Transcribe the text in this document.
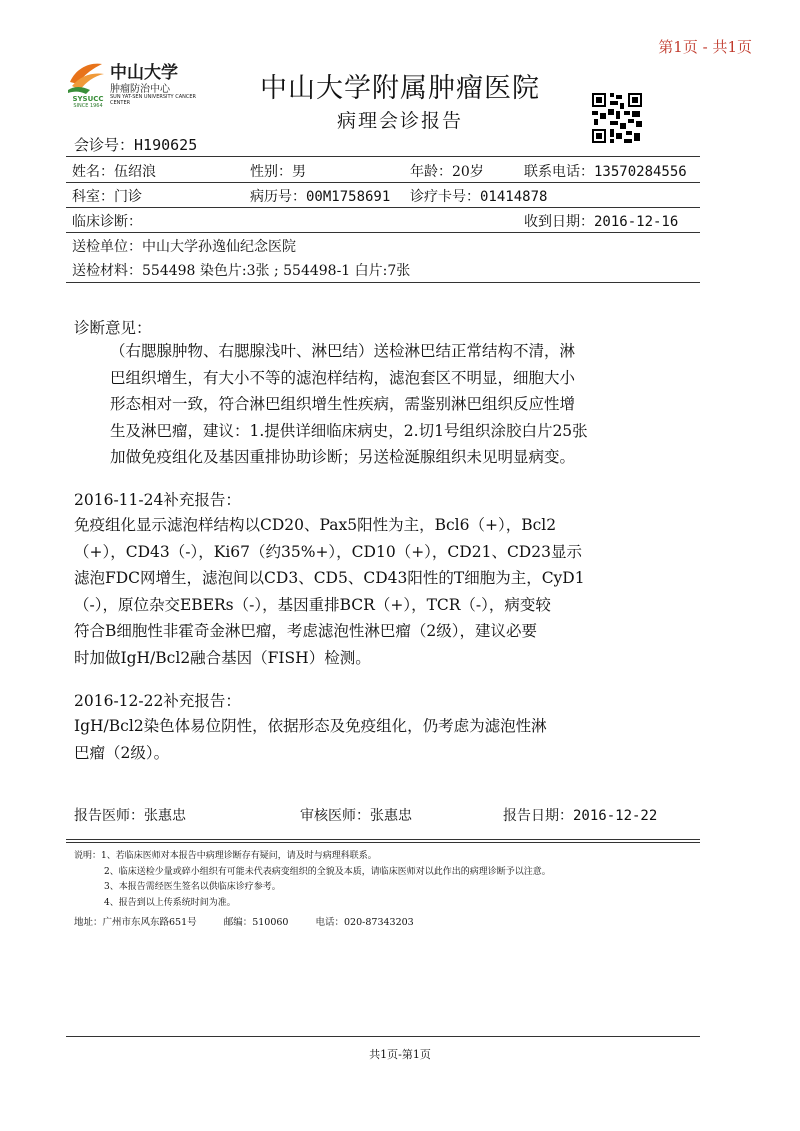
第1页 - 共1页
SYSUCC
SINCE 1964
中山大学
肿瘤防治中心
SUN YAT-SEN UNIVERSITY CANCER CENTER	中山大学附属肿瘤医院
病理会诊报告
会诊号：H190625
姓名：伍绍浪	性别：男	年龄：20岁	联系电话：13570284556
科室：门诊	病历号：00M1758691 诊疗卡号：01414878
临床诊断：	收到日期：2016-12-16
送检单位：中山大学孙逸仙纪念医院
送检材料：554498 染色片:3张 ; 554498-1 白片:7张
诊断意见：
（右腮腺肿物、右腮腺浅叶、淋巴结）送检淋巴结正常结构不清，淋
巴组织增生，有大小不等的滤泡样结构，滤泡套区不明显，细胞大小
形态相对一致，符合淋巴组织增生性疾病，需鉴别淋巴组织反应性增
生及淋巴瘤，建议：1.提供详细临床病史，2.切1号组织涂胶白片25张
加做免疫组化及基因重排协助诊断；另送检涎腺组织未见明显病变。
2016-11-24补充报告：
免疫组化显示滤泡样结构以CD20、Pax5阳性为主，Bcl6（+），Bcl2
（+），CD43（-），Ki67（约35%+），CD10（+），CD21、CD23显示
滤泡FDC网增生，滤泡间以CD3、CD5、CD43阳性的T细胞为主，CyD1
（-），原位杂交EBERs（-），基因重排BCR（+），TCR（-），病变较
符合B细胞性非霍奇金淋巴瘤，考虑滤泡性淋巴瘤（2级），建议必要
时加做IgH/Bcl2融合基因（FISH）检测。
2016-12-22补充报告：
IgH/Bcl2染色体易位阴性，依据形态及免疫组化，仍考虑为滤泡性淋
巴瘤（2级）。
报告医师：张惠忠	审核医师：张惠忠	报告日期：2016-12-22
说明：1、若临床医师对本报告中病理诊断存有疑问，请及时与病理科联系。
2、临床送检少量或碎小组织有可能未代表病变组织的全貌及本质，请临床医师对以此作出的病理诊断予以注意。
3、本报告需经医生签名以供临床诊疗参考。
4、报告到以上传系统时间为准。
地址：广州市东风东路651号	邮编：510060	电话：020-87343203
共1页-第1页
